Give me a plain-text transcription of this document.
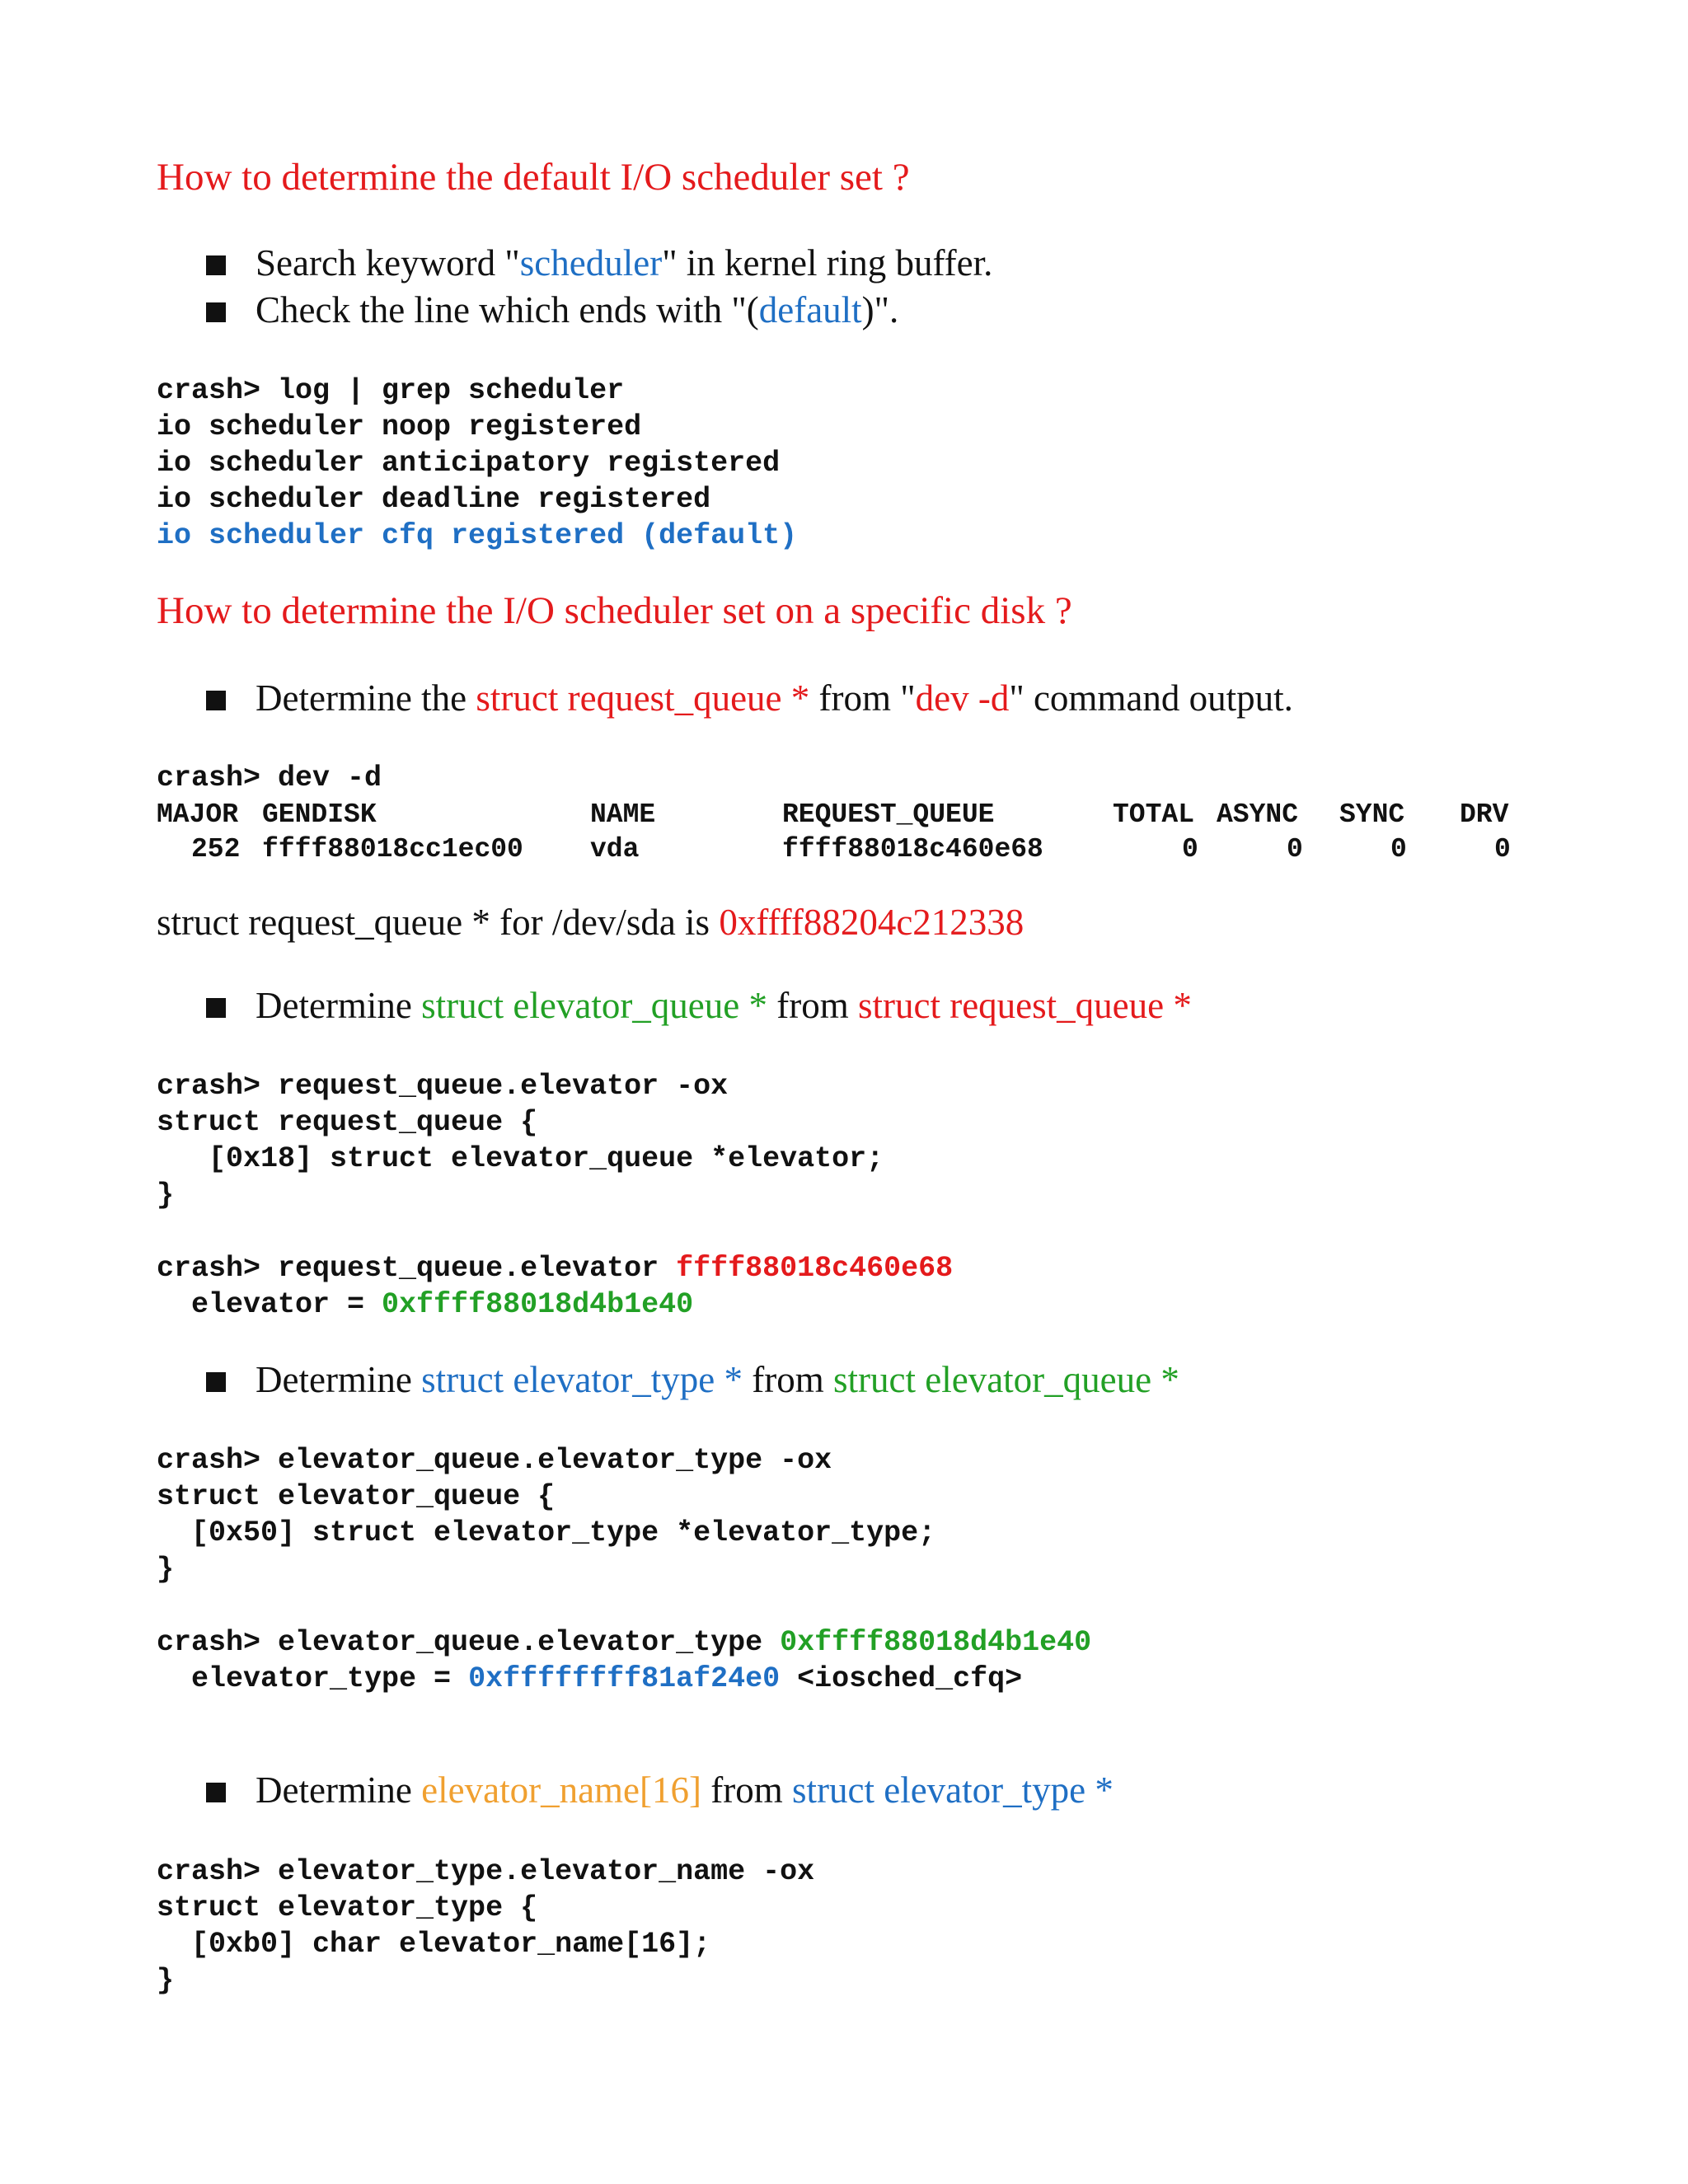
How to determine the default I/O scheduler set ?
Search keyword "scheduler" in kernel ring buffer.
Check the line which ends with "(default)".
crash> log | grep scheduler
io scheduler noop registered
io scheduler anticipatory registered
io scheduler deadline registered
io scheduler cfq registered (default)
How to determine the I/O scheduler set on a specific disk ?
Determine the struct request_queue * from "dev -d" command output.
crash> dev -d
MAJOR GENDISK	NAME	REQUEST_QUEUE	TOTAL ASYNC SYNC DRV
252 ffff88018cc1ec00 vda	ffff88018c460e68	0	0	0	0
struct request_queue * for /dev/sda is 0xffff88204c212338
Determine struct elevator_queue * from struct request_queue *
crash> request_queue.elevator -ox
struct request_queue {
[0x18] struct elevator_queue *elevator;
}
crash> request_queue.elevator ffff88018c460e68
elevator = 0xffff88018d4b1e40
Determine struct elevator_type * from struct elevator_queue *
crash> elevator_queue.elevator_type -ox
struct elevator_queue {
[0x50] struct elevator_type *elevator_type;
}
crash> elevator_queue.elevator_type 0xffff88018d4b1e40
elevator_type = 0xffffffff81af24e0 <iosched_cfq>
Determine elevator_name[16] from struct elevator_type *
crash> elevator_type.elevator_name -ox
struct elevator_type {
[0xb0] char elevator_name[16];
}
